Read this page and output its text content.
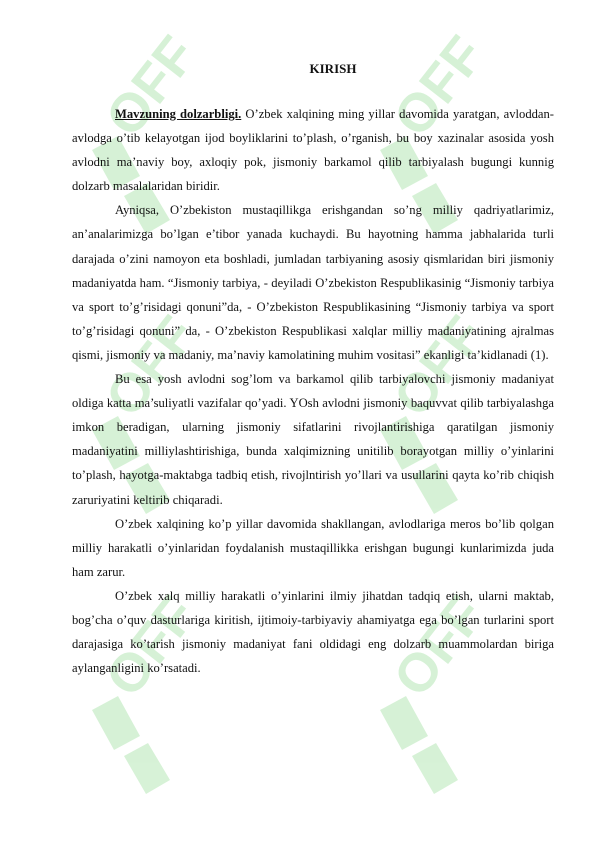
KIRISH

Mavzuning dolzarbligi. O’zbek xalqining ming yillar davomida yaratgan, avloddan-avlodga o’tib kelayotgan ijod boyliklarini to’plash, o’rganish, bu boy xazinalar asosida yosh avlodni ma’naviy boy, axloqiy pok, jismoniy barkamol qilib tarbiyalash bugungi kunnig dolzarb masalalaridan biridir.

Ayniqsa, O’zbekiston mustaqillikga erishgandan so’ng milliy qadriyatlarimiz, an’analarimizga bo’lgan e’tibor yanada kuchaydi. Bu hayotning hamma jabhalarida turli darajada o’zini namoyon eta boshladi, jumladan tarbiyaning asosiy qismlaridan biri jismoniy madaniyatda ham. “Jismoniy tarbiya, - deyiladi O’zbekiston Respublikasinig “Jismoniy tarbiya va sport to’g’risidagi qonuni”da, - O’zbekiston Respublikasining “Jismoniy tarbiya va sport to’g’risidagi qonuni” da, - O’zbekiston Respublikasi xalqlar milliy madaniyatining ajralmas qismi, jismoniy va madaniy, ma’naviy kamolatining muhim vositasi” ekanligi ta’kidlanadi (1).

Bu esa yosh avlodni sog’lom va barkamol qilib tarbiyalovchi jismoniy madaniyat oldiga katta ma’suliyatli vazifalar qo’yadi. YOsh avlodni jismoniy baquvvat qilib tarbiyalashga imkon beradigan, ularning jismoniy sifatlarini rivojlantirishiga qaratilgan jismoniy madaniyatini milliylashtirishiga, bunda xalqimizning unitilib borayotgan milliy o’yinlarini to’plash, hayotga-maktabga tadbiq etish, rivojlntirish yo’llari va usullarini qayta ko’rib chiqish zaruriyatini keltirib chiqaradi.

O’zbek xalqining ko’p yillar davomida shakllangan, avlodlariga meros bo’lib qolgan milliy harakatli o’yinlaridan foydalanish mustaqillikka erishgan bugungi kunlarimizda juda ham zarur.

O’zbek xalq milliy harakatli o’yinlarini ilmiy jihatdan tadqiq etish, ularni maktab, bog’cha o’quv dasturlariga kiritish, ijtimoiy-tarbiyaviy ahamiyatga ega bo’lgan turlarini sport darajasiga ko’tarish jismoniy madaniyat fani oldidagi eng dolzarb muammolardan biriga aylanganligini ko’rsatadi.
